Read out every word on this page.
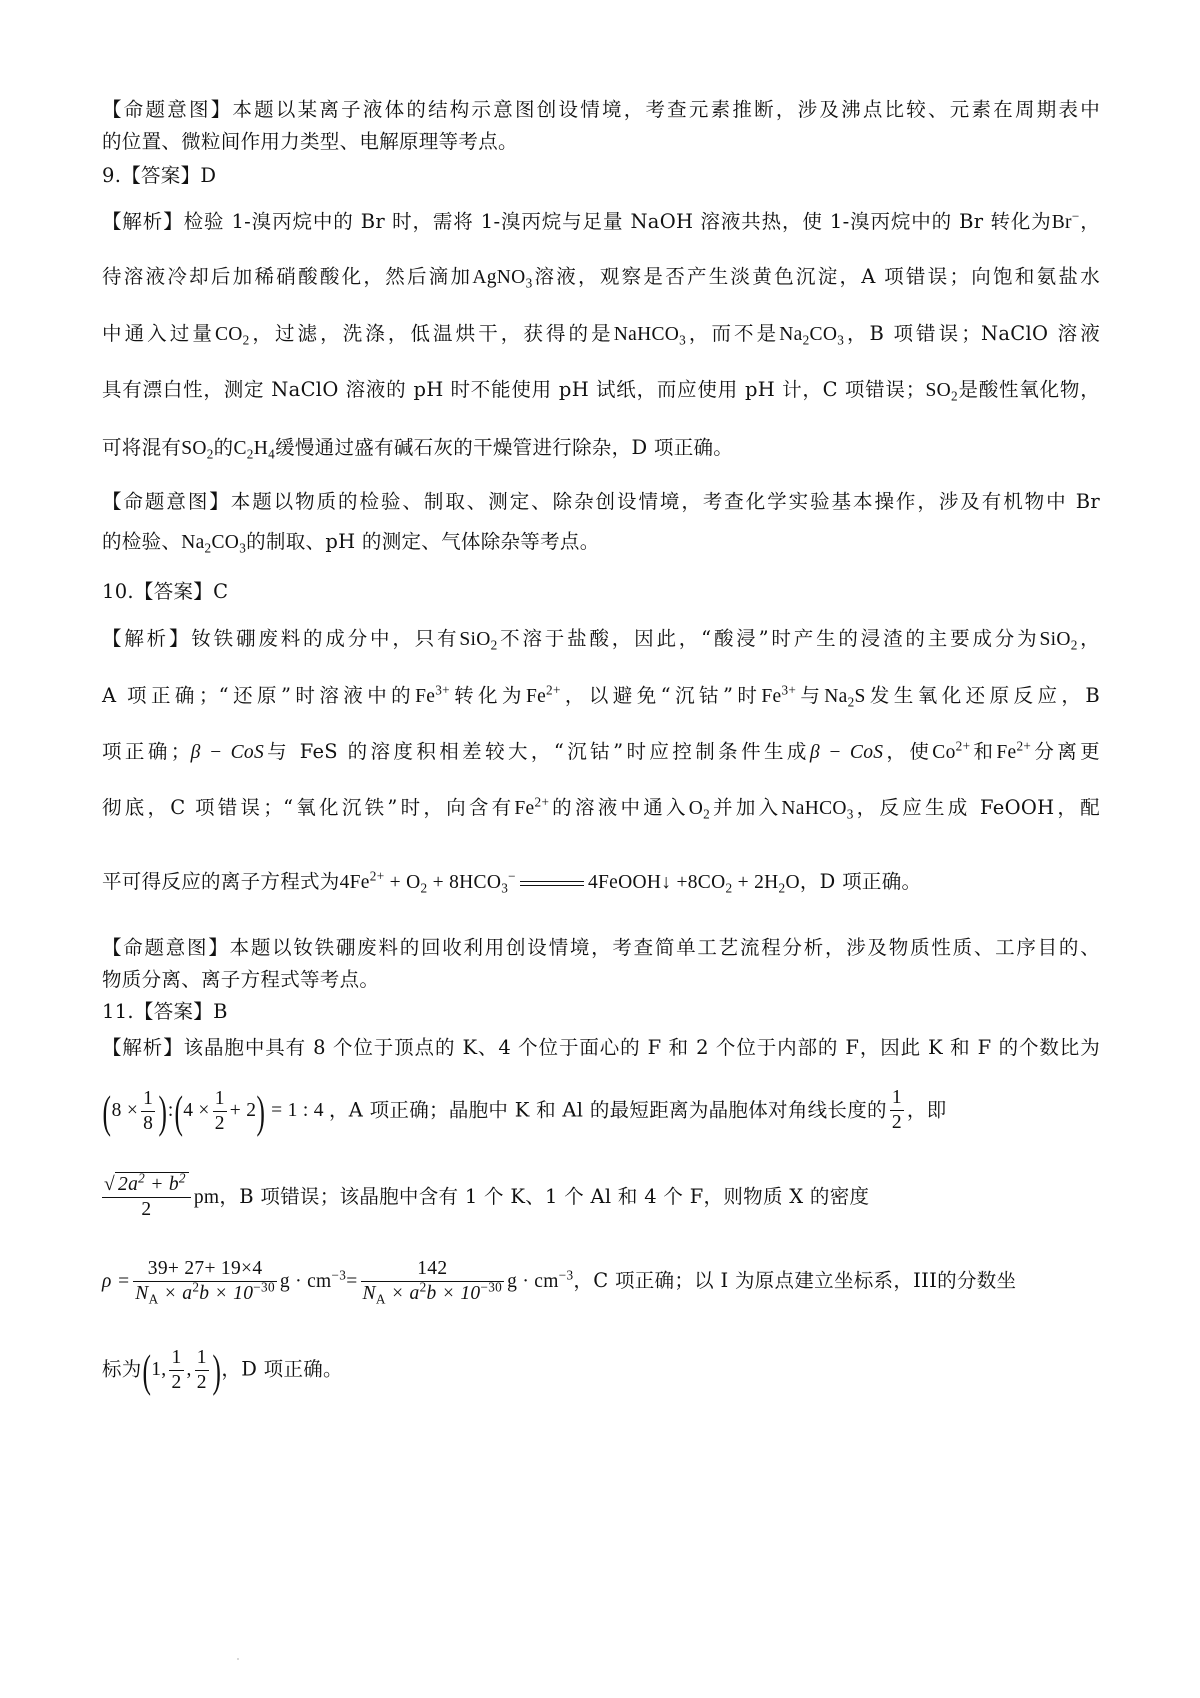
【命题意图】本题以某离子液体的结构示意图创设情境，考查元素推断，涉及沸点比较、元素在周期表中
的位置、微粒间作用力类型、电解原理等考点。
9.【答案】D
【解析】检验 1-溴丙烷中的 Br 时，需将 1-溴丙烷与足量 NaOH 溶液共热，使 1-溴丙烷中的 Br 转化为Br−，
待溶液冷却后加稀硝酸酸化，然后滴加AgNO$_3$溶液，观察是否产生淡黄色沉淀，A 项错误；向饱和氨盐水
中通入过量$CO_2$，过滤，洗涤，低温烘干，获得的是NaHCO$_3$，而不是$Na_2CO_3$，B 项错误；NaClO 溶液
具有漂白性，测定 NaClO 溶液的 pH 时不能使用 pH 试纸，而应使用 pH 计，C 项错误；$SO_2$是酸性氧化物，
可将混有$SO_2$的$C_2H_4$缓慢通过盛有碱石灰的干燥管进行除杂，D 项正确。
【命题意图】本题以物质的检验、制取、测定、除杂创设情境，考查化学实验基本操作，涉及有机物中 Br
的检验、$Na_2CO_3$的制取、pH 的测定、气体除杂等考点。
10.【答案】C
【解析】钕铁硼废料的成分中，只有SiO$_2$不溶于盐酸，因此，“酸浸”时产生的浸渣的主要成分为SiO$_2$，
A 项正确；“还原”时溶液中的$Fe^{3+}$转化为$Fe^{2+}$，以避免“沉钴”时$Fe^{3+}$与$Na_2S$发生氧化还原反应，B
项正确；β − CoS与 FeS 的溶度积相差较大，“沉钴”时应控制条件生成β − CoS，使$Co^{2+}$和$Fe^{2+}$分离更
彻底，C 项错误；“氧化沉铁”时，向含有$Fe^{2+}$的溶液中通入$O_2$并加入NaHCO$_3$，反应生成 FeOOH，配
平可得反应的离子方程式为$4Fe^{2+} + O_2 + 8HCO_3^-$	4FeOOH↓ $+8CO_2 + 2H_2O$，D 项正确。
【命题意图】本题以钕铁硼废料的回收利用创设情境，考查简单工艺流程分析，涉及物质性质、工序目的、
物质分离、离子方程式等考点。
11.【答案】B
【解析】该晶胞中具有 8 个位于顶点的 K、4 个位于面心的 F 和 2 个位于内部的 F，因此 K 和 F 的个数比为
($8 \times \frac{1}{8}$ ):(4 × $\frac{1}{2} + 2) = 1$ : 4 ，A 项正确；晶胞中 K 和 Al 的最短距离为晶胞体对角线长度的 $\frac{1}{2}$ ，即
$\frac{√ 2a^2 + b^2}{2}$ pm，B 项错误；该晶胞中含有 1 个 K、1 个 Al 和 4 个 F，则物质 X 的密度
$\rho = \frac{39+ 27+ 19\times 4}{N_A \times a^2b \times 10^{-30}}$ $g \cdot cm^{-3}= \frac{142}{N_A \times a^2b \times 10^{-30}}$ $g \cdot cm^{-3}$，C 项正确；以 I 为原点建立坐标系，III的分数坐
标为(1, $\frac{1}{2}$ , $\frac{1}{2}$ )，D 项正确。
